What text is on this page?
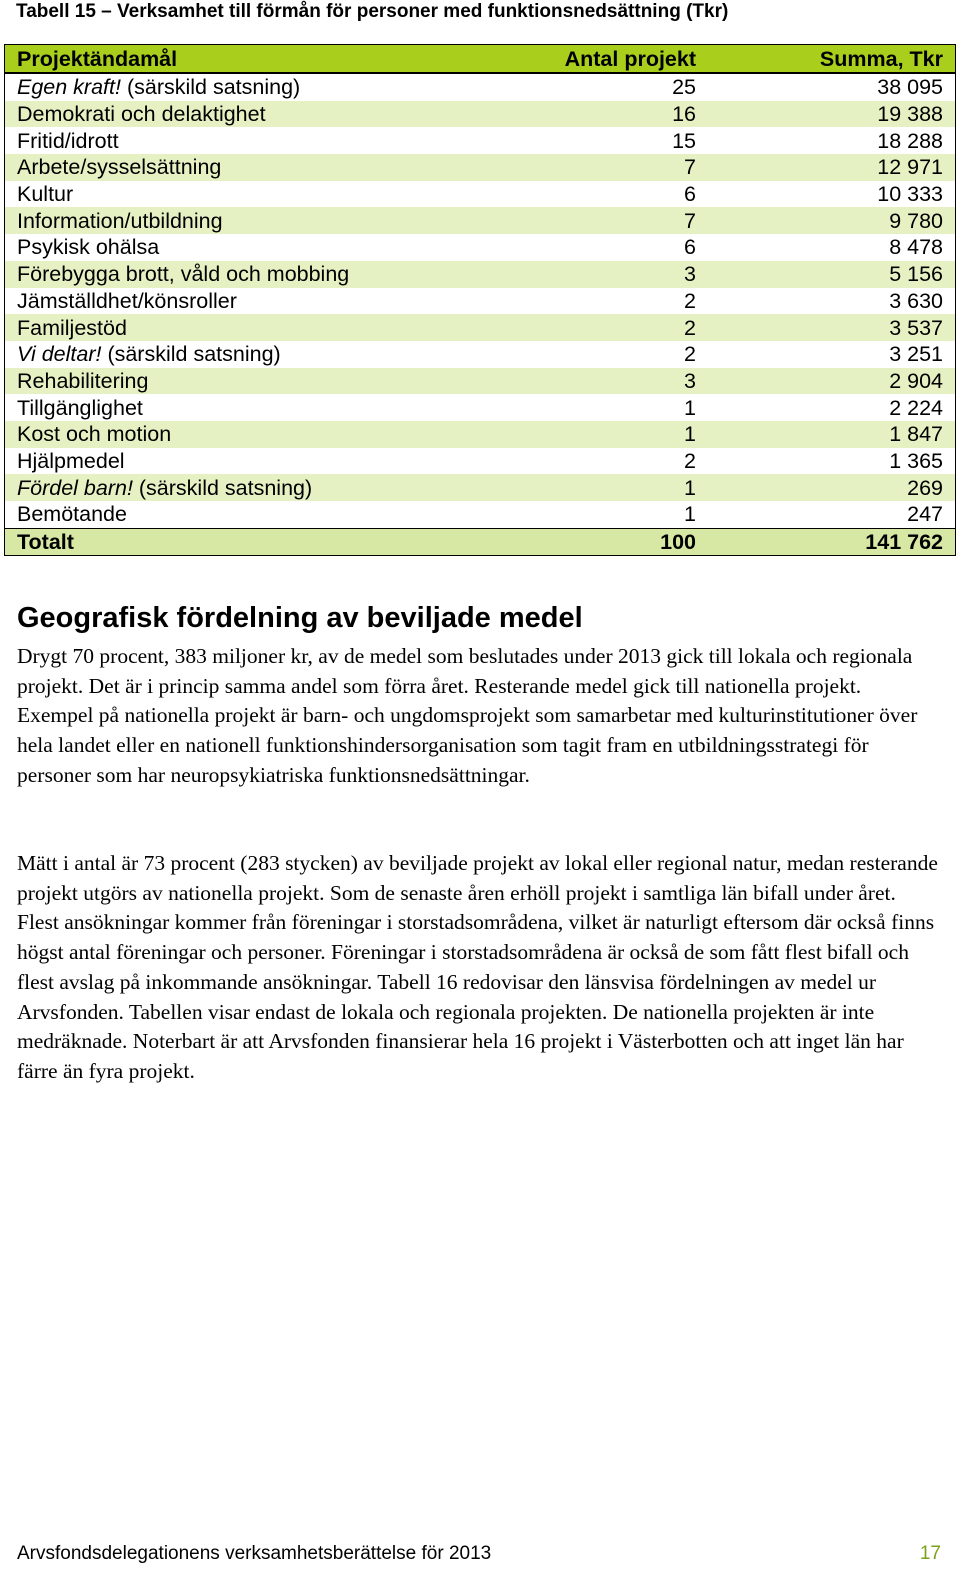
Tabell 15 – Verksamhet till förmån för personer med funktionsnedsättning (Tkr)
Projektändamål	Antal projekt	Summa, Tkr
Egen kraft! (särskild satsning)	25	38 095
Demokrati och delaktighet	16	19 388
Fritid/idrott	15	18 288
Arbete/sysselsättning	7	12 971
Kultur	6	10 333
Information/utbildning	7	9 780
Psykisk ohälsa	6	8 478
Förebygga brott, våld och mobbing	3	5 156
Jämställdhet/könsroller	2	3 630
Familjestöd	2	3 537
Vi deltar! (särskild satsning)	2	3 251
Rehabilitering	3	2 904
Tillgänglighet	1	2 224
Kost och motion	1	1 847
Hjälpmedel	2	1 365
Fördel barn! (särskild satsning)	1	269
Bemötande	1	247
Totalt	100	141 762
Geografisk fördelning av beviljade medel

Drygt 70 procent, 383 miljoner kr, av de medel som beslutades under 2013 gick till lokala och regionala projekt. Det är i princip samma andel som förra året. Resterande medel gick till nationella projekt. Exempel på nationella projekt är barn- och ungdomsprojekt som samarbetar med kulturinstitutioner över hela landet eller en nationell funktionshindersorganisation som tagit fram en utbildningsstrategi för personer som har neuropsykiatriska funktionsnedsättningar.

Mätt i antal är 73 procent (283 stycken) av beviljade projekt av lokal eller regional natur, medan resterande projekt utgörs av nationella projekt. Som de senaste åren erhöll projekt i samtliga län bifall under året. Flest ansökningar kommer från föreningar i storstadsområdena, vilket är naturligt eftersom där också finns högst antal föreningar och personer. Föreningar i storstadsområdena är också de som fått flest bifall och flest avslag på inkommande ansökningar. Tabell 16 redovisar den länsvisa fördelningen av medel ur Arvsfonden. Tabellen visar endast de lokala och regionala projekten. De nationella projekten är inte medräknade. Noterbart är att Arvsfonden finansierar hela 16 projekt i Västerbotten och att inget län har färre än fyra projekt.

Arvsfondsdelegationens verksamhetsberättelse för 2013	17
